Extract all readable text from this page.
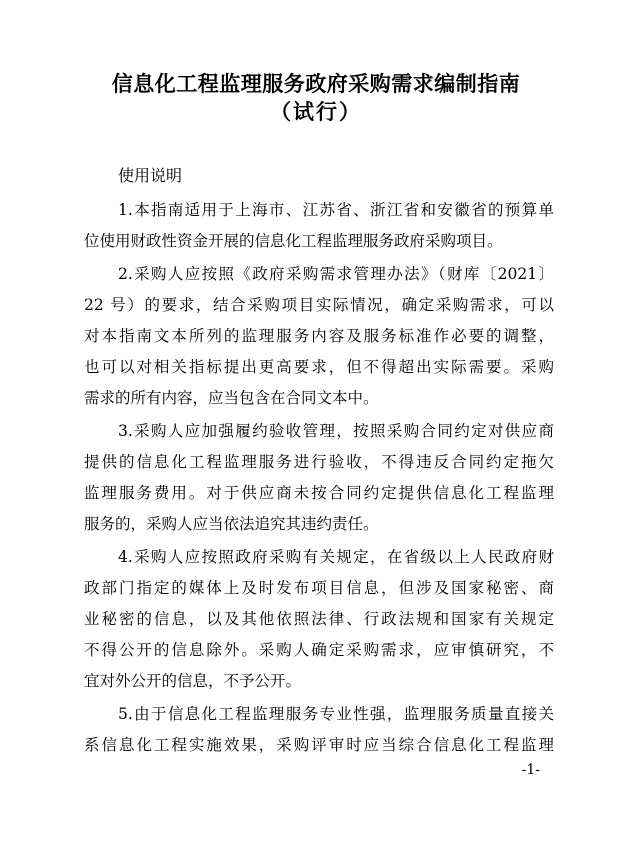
信息化工程监理服务政府采购需求编制指南
（试行）
使用说明
1.本指南适用于上海市、江苏省、浙江省和安徽省的预算单
位使用财政性资金开展的信息化工程监理服务政府采购项目。
2.采购人应按照《政府采购需求管理办法》（财库〔2021〕
22 号）的要求，结合采购项目实际情况，确定采购需求，可以
对本指南文本所列的监理服务内容及服务标准作必要的调整，
也可以对相关指标提出更高要求，但不得超出实际需要。采购
需求的所有内容，应当包含在合同文本中。
3.采购人应加强履约验收管理，按照采购合同约定对供应商
提供的信息化工程监理服务进行验收，不得违反合同约定拖欠
监理服务费用。对于供应商未按合同约定提供信息化工程监理
服务的，采购人应当依法追究其违约责任。
4.采购人应按照政府采购有关规定，在省级以上人民政府财
政部门指定的媒体上及时发布项目信息，但涉及国家秘密、商
业秘密的信息，以及其他依照法律、行政法规和国家有关规定
不得公开的信息除外。采购人确定采购需求，应审慎研究，不
宜对外公开的信息，不予公开。
5.由于信息化工程监理服务专业性强，监理服务质量直接关
系信息化工程实施效果，采购评审时应当综合信息化工程监理
-1-
